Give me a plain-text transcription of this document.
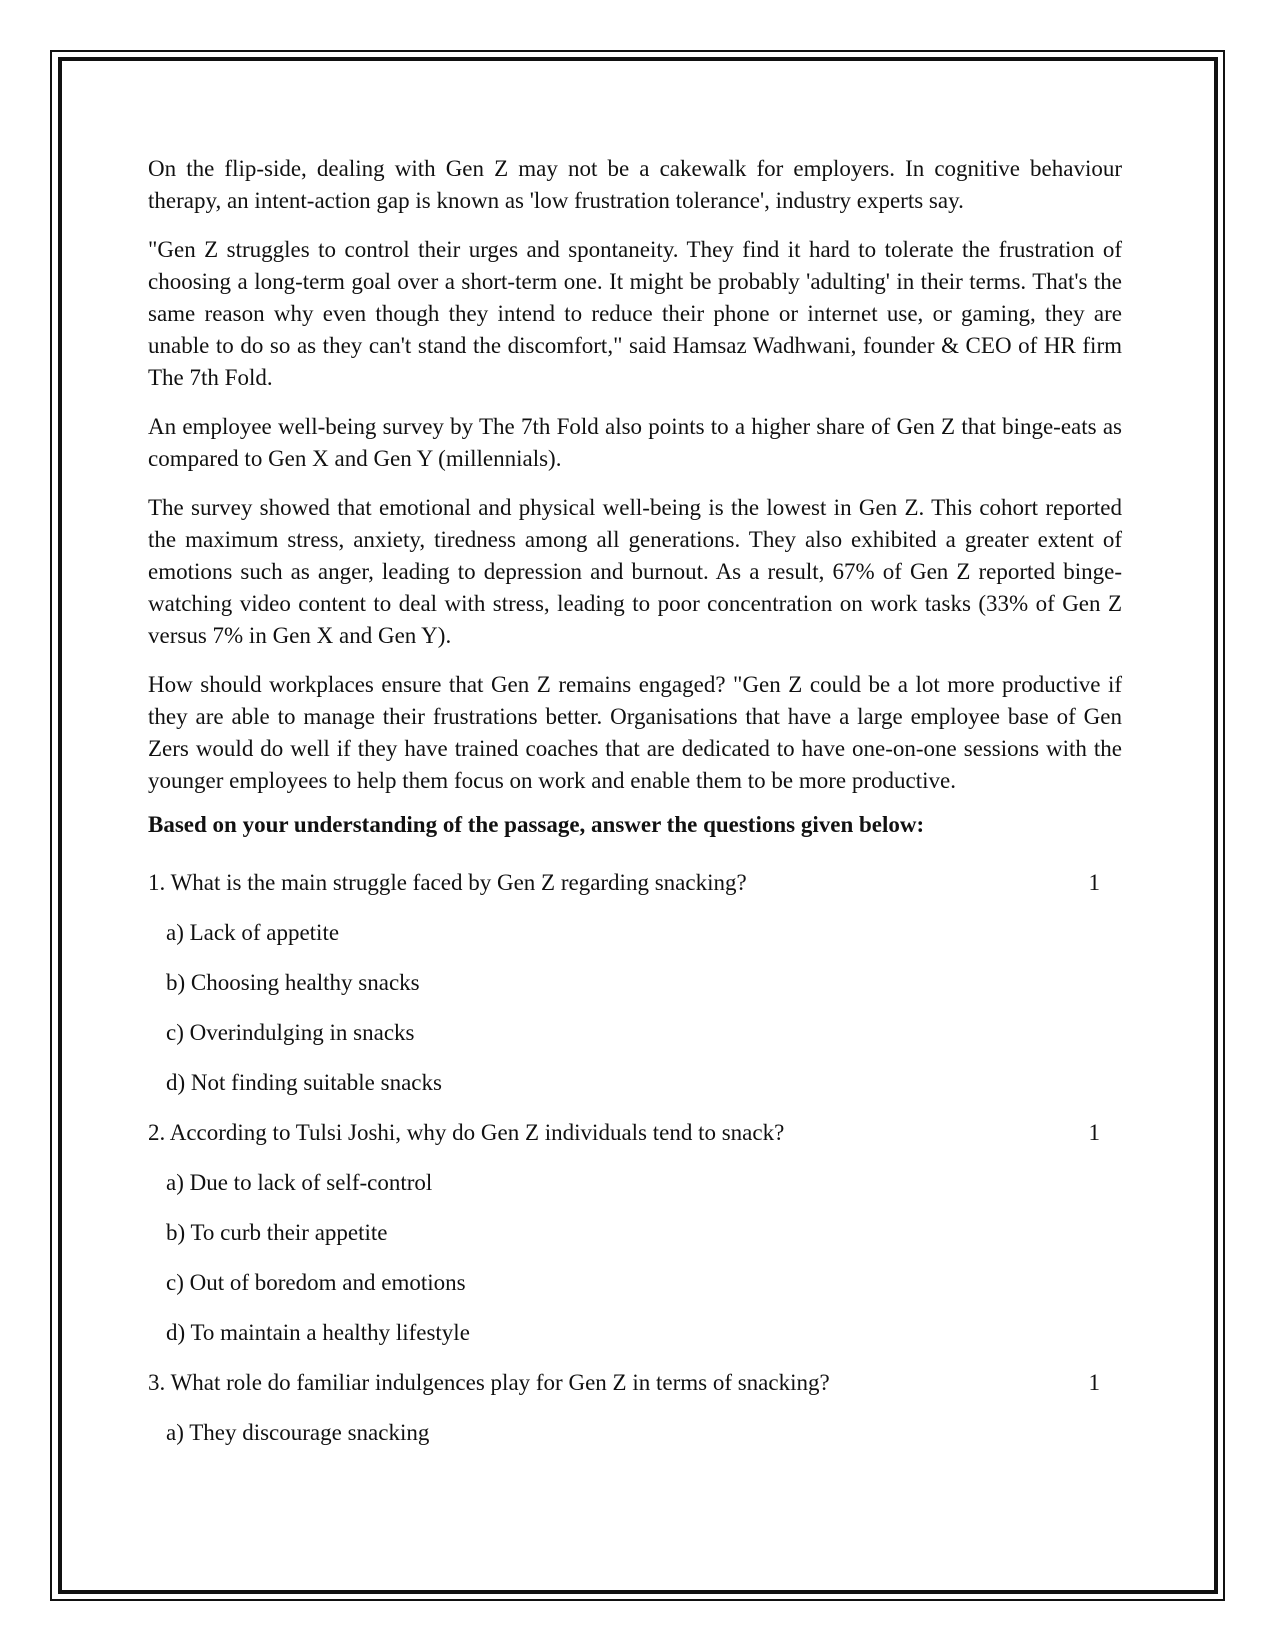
On the flip-side, dealing with Gen Z may not be a cakewalk for employers. In cognitive behaviour therapy, an intent-action gap is known as 'low frustration tolerance', industry experts say.

"Gen Z struggles to control their urges and spontaneity. They find it hard to tolerate the frustration of choosing a long-term goal over a short-term one. It might be probably 'adulting' in their terms. That's the same reason why even though they intend to reduce their phone or internet use, or gaming, they are unable to do so as they can't stand the discomfort," said Hamsaz Wadhwani, founder & CEO of HR firm The 7th Fold.

An employee well-being survey by The 7th Fold also points to a higher share of Gen Z that binge-eats as compared to Gen X and Gen Y (millennials).

The survey showed that emotional and physical well-being is the lowest in Gen Z. This cohort reported the maximum stress, anxiety, tiredness among all generations. They also exhibited a greater extent of emotions such as anger, leading to depression and burnout. As a result, 67% of Gen Z reported binge-watching video content to deal with stress, leading to poor concentration on work tasks (33% of Gen Z versus 7% in Gen X and Gen Y).

How should workplaces ensure that Gen Z remains engaged? "Gen Z could be a lot more productive if they are able to manage their frustrations better. Organisations that have a large employee base of Gen Zers would do well if they have trained coaches that are dedicated to have one-on-one sessions with the younger employees to help them focus on work and enable them to be more productive.

Based on your understanding of the passage, answer the questions given below:
1. What is the main struggle faced by Gen Z regarding snacking?	1
a) Lack of appetite
b) Choosing healthy snacks
c) Overindulging in snacks
d) Not finding suitable snacks
2. According to Tulsi Joshi, why do Gen Z individuals tend to snack?	1
a) Due to lack of self-control
b) To curb their appetite
c) Out of boredom and emotions
d) To maintain a healthy lifestyle
3. What role do familiar indulgences play for Gen Z in terms of snacking?	1
a) They discourage snacking
